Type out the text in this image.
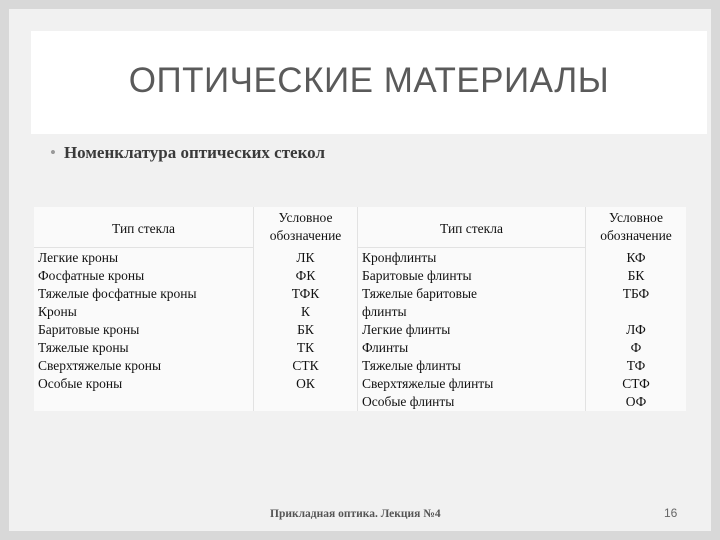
ОПТИЧЕСКИЕ МАТЕРИАЛЫ
• Номенклатура оптических стекол
Тип стекла
Легкие кроны
Фосфатные кроны
Тяжелые фосфатные кроны
Кроны
Баритовые кроны
Тяжелые кроны
Сверхтяжелые кроны
Особые кроны
Условное
обозначение
ЛК
ФК
ТФК
К
БК
ТК
СТК
ОК
Тип стекла
Кронфлинты
Баритовые флинты
Тяжелые баритовые
флинты
Легкие флинты
Флинты
Тяжелые флинты
Сверхтяжелые флинты
Особые флинты
Условное
обозначение
КФ
БК
ТБФ
ЛФ
Ф
ТФ
СТФ
ОФ
Прикладная оптика. Лекция №4	16
